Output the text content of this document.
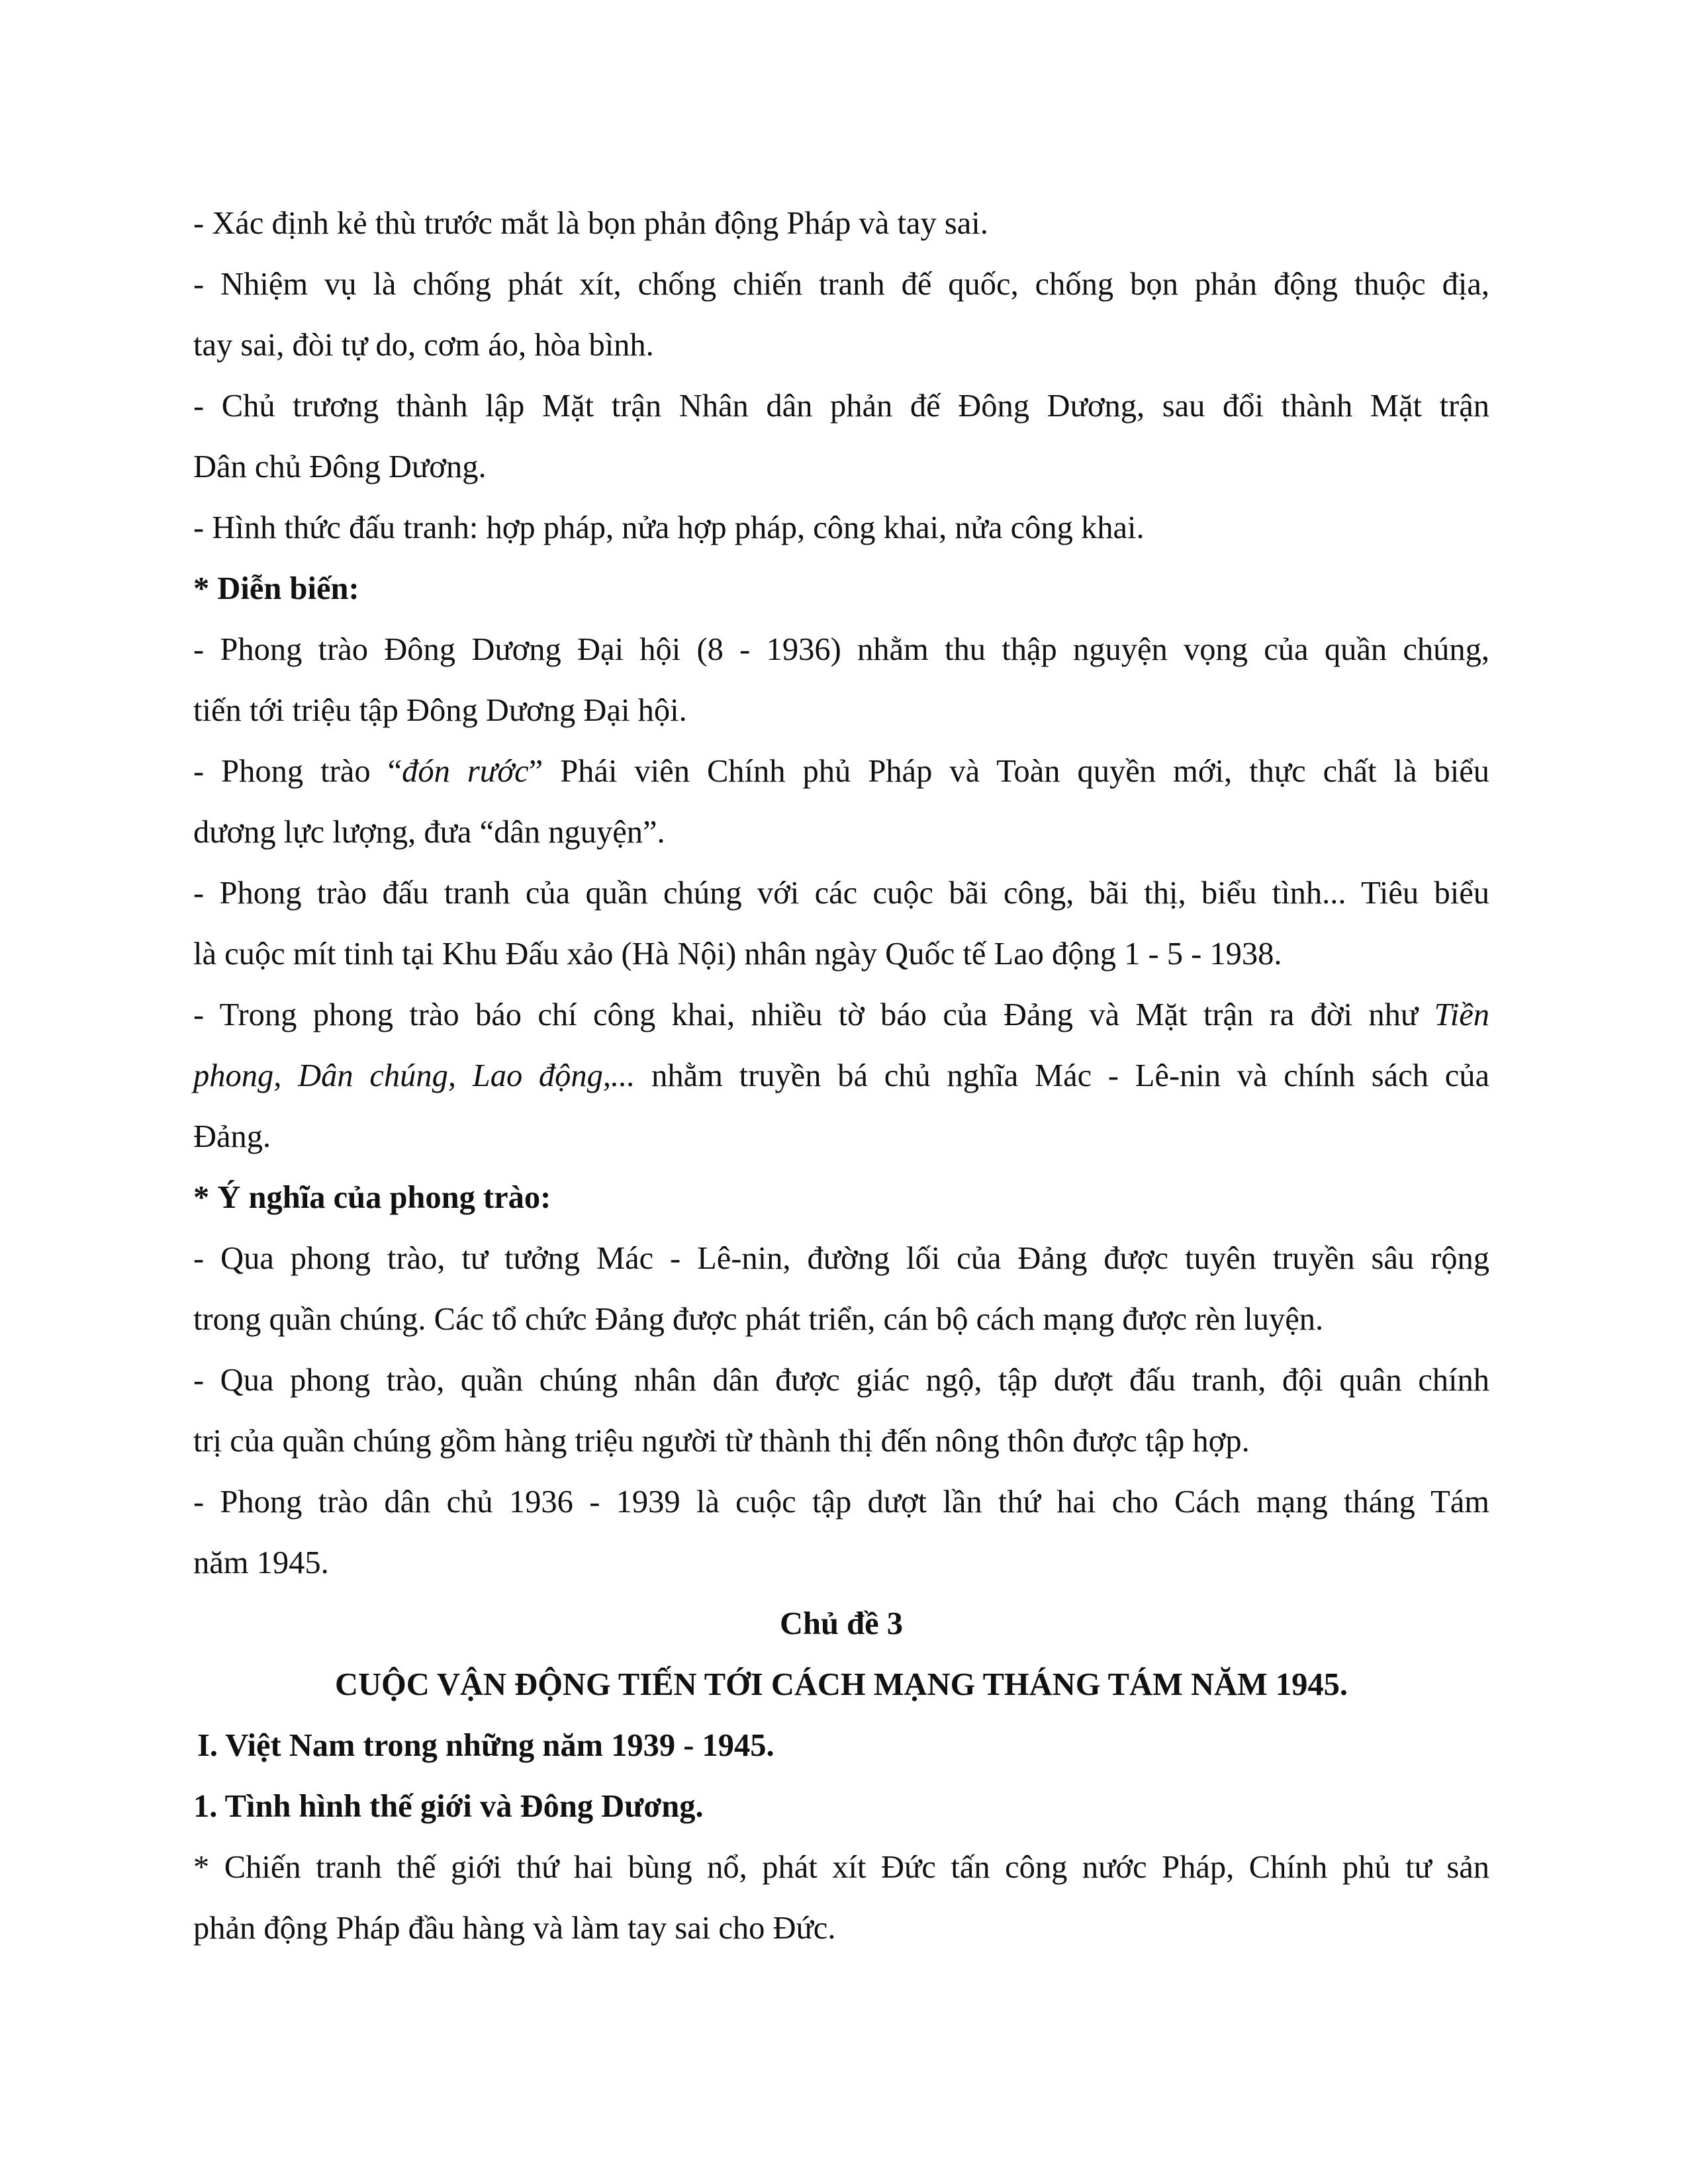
- Xác định kẻ thù trước mắt là bọn phản động Pháp và tay sai.
- Nhiệm vụ là chống phát xít, chống chiến tranh đế quốc, chống bọn phản động thuộc địa,
tay sai, đòi tự do, cơm áo, hòa bình.
- Chủ trương thành lập Mặt trận Nhân dân phản đế Đông Dương, sau đổi thành Mặt trận
Dân chủ Đông Dương.
- Hình thức đấu tranh: hợp pháp, nửa hợp pháp, công khai, nửa công khai.
* Diễn biến:
- Phong trào Đông Dương Đại hội (8 - 1936) nhằm thu thập nguyện vọng của quần chúng,
tiến tới triệu tập Đông Dương Đại hội.
- Phong trào “đón rước” Phái viên Chính phủ Pháp và Toàn quyền mới, thực chất là biểu
dương lực lượng, đưa “dân nguyện”.
- Phong trào đấu tranh của quần chúng với các cuộc bãi công, bãi thị, biểu tình... Tiêu biểu
là cuộc mít tinh tại Khu Đấu xảo (Hà Nội) nhân ngày Quốc tế Lao động 1 - 5 - 1938.
- Trong phong trào báo chí công khai, nhiều tờ báo của Đảng và Mặt trận ra đời như Tiền
phong, Dân chúng, Lao động,... nhằm truyền bá chủ nghĩa Mác - Lê-nin và chính sách của
Đảng.
* Ý nghĩa của phong trào:
- Qua phong trào, tư tưởng Mác - Lê-nin, đường lối của Đảng được tuyên truyền sâu rộng
trong quần chúng. Các tổ chức Đảng được phát triển, cán bộ cách mạng được rèn luyện.
- Qua phong trào, quần chúng nhân dân được giác ngộ, tập dượt đấu tranh, đội quân chính
trị của quần chúng gồm hàng triệu người từ thành thị đến nông thôn được tập hợp.
- Phong trào dân chủ 1936 - 1939 là cuộc tập dượt lần thứ hai cho Cách mạng tháng Tám
năm 1945.
Chủ đề 3
CUỘC VẬN ĐỘNG TIẾN TỚI CÁCH MẠNG THÁNG TÁM NĂM 1945.
I. Việt Nam trong những năm 1939 - 1945.
1. Tình hình thế giới và Đông Dương.
* Chiến tranh thế giới thứ hai bùng nổ, phát xít Đức tấn công nước Pháp, Chính phủ tư sản
phản động Pháp đầu hàng và làm tay sai cho Đức.
